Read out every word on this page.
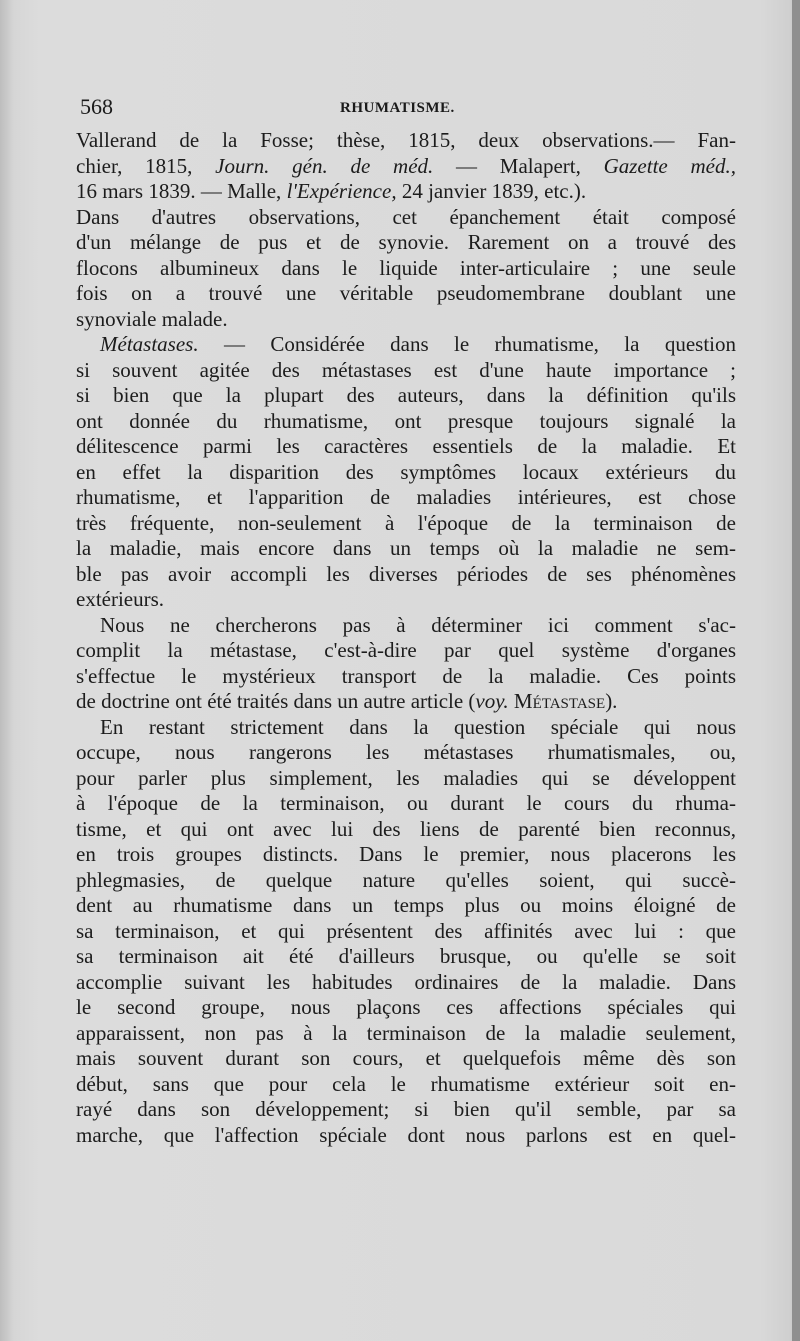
568	RHUMATISME.
Vallerand de la Fosse; thèse, 1815, deux observations.— Fan-
chier, 1815, Journ. gén. de méd. — Malapert, Gazette méd.,
16 mars 1839. — Malle, l'Expérience, 24 janvier 1839, etc.).
Dans d'autres observations, cet épanchement était composé
d'un mélange de pus et de synovie. Rarement on a trouvé des
flocons albumineux dans le liquide inter-articulaire ; une seule
fois on a trouvé une véritable pseudomembrane doublant une
synoviale malade.
Métastases. — Considérée dans le rhumatisme, la question
si souvent agitée des métastases est d'une haute importance ;
si bien que la plupart des auteurs, dans la définition qu'ils
ont donnée du rhumatisme, ont presque toujours signalé la
délitescence parmi les caractères essentiels de la maladie. Et
en effet la disparition des symptômes locaux extérieurs du
rhumatisme, et l'apparition de maladies intérieures, est chose
très fréquente, non-seulement à l'époque de la terminaison de
la maladie, mais encore dans un temps où la maladie ne sem-
ble pas avoir accompli les diverses périodes de ses phénomènes
extérieurs.
Nous ne chercherons pas à déterminer ici comment s'ac-
complit la métastase, c'est-à-dire par quel système d'organes
s'effectue le mystérieux transport de la maladie. Ces points
de doctrine ont été traités dans un autre article (voy. Métastase).
En restant strictement dans la question spéciale qui nous
occupe, nous rangerons les métastases rhumatismales, ou,
pour parler plus simplement, les maladies qui se développent
à l'époque de la terminaison, ou durant le cours du rhuma-
tisme, et qui ont avec lui des liens de parenté bien reconnus,
en trois groupes distincts. Dans le premier, nous placerons les
phlegmasies, de quelque nature qu'elles soient, qui succè-
dent au rhumatisme dans un temps plus ou moins éloigné de
sa terminaison, et qui présentent des affinités avec lui : que
sa terminaison ait été d'ailleurs brusque, ou qu'elle se soit
accomplie suivant les habitudes ordinaires de la maladie. Dans
le second groupe, nous plaçons ces affections spéciales qui
apparaissent, non pas à la terminaison de la maladie seulement,
mais souvent durant son cours, et quelquefois même dès son
début, sans que pour cela le rhumatisme extérieur soit en-
rayé dans son développement; si bien qu'il semble, par sa
marche, que l'affection spéciale dont nous parlons est en quel-
